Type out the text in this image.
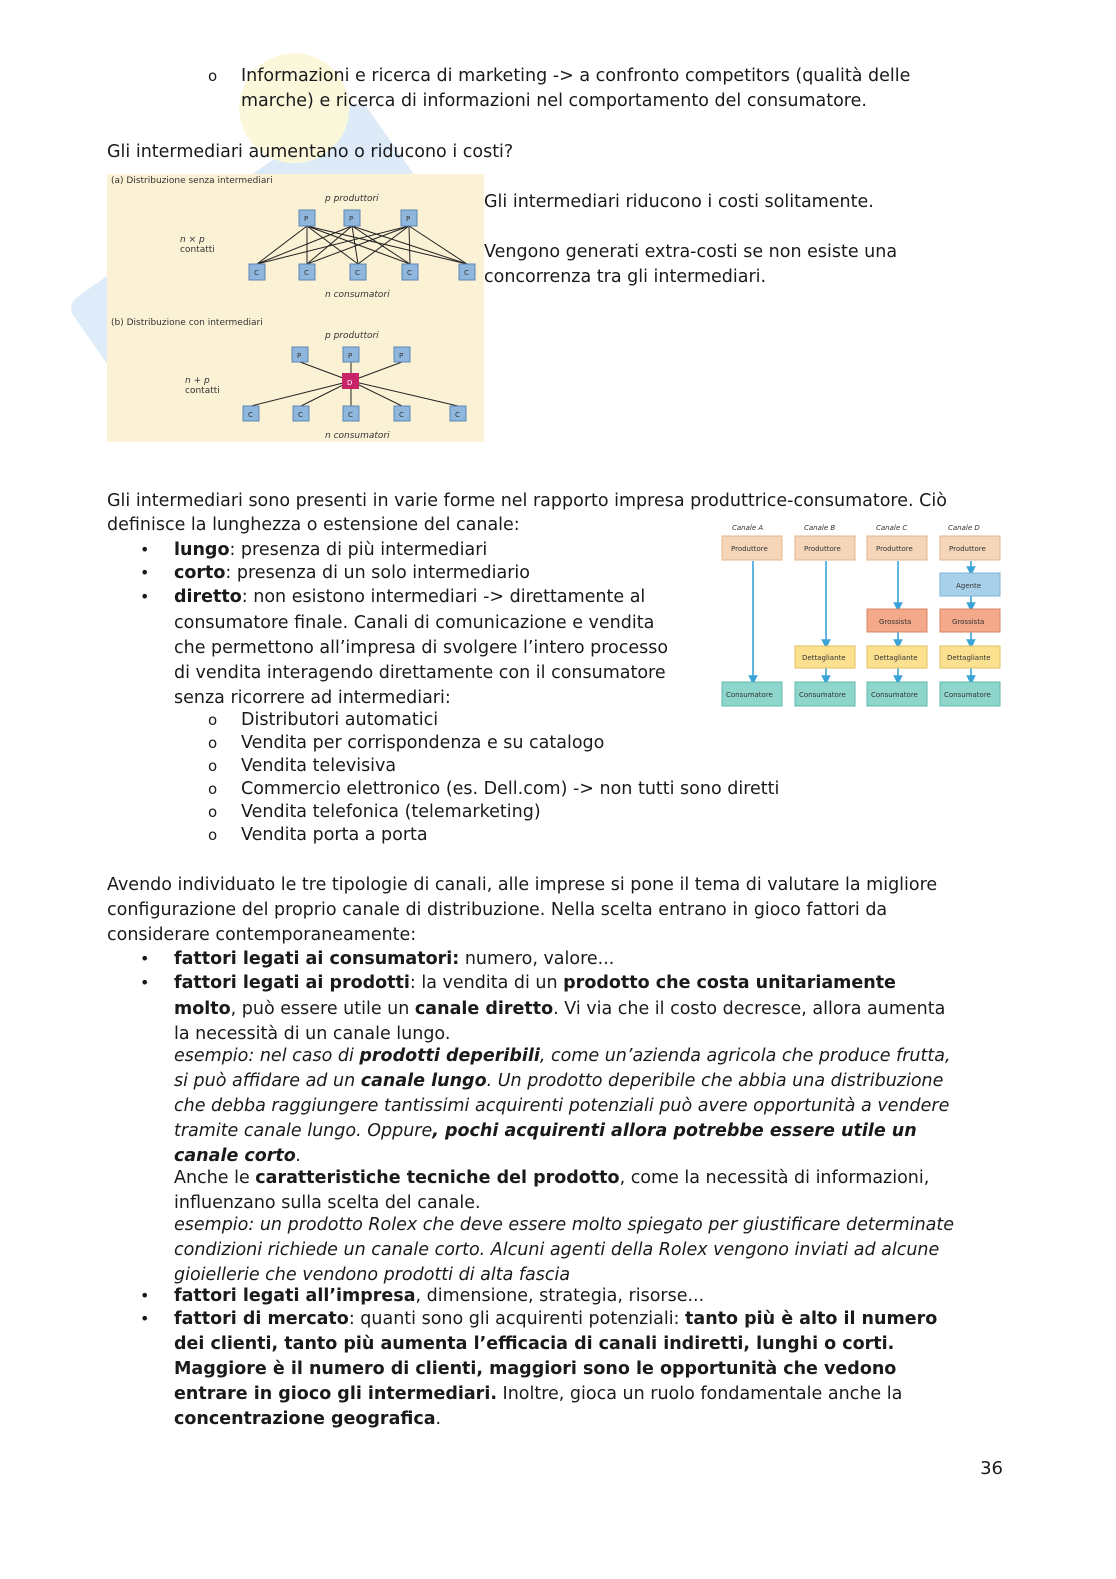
o	Informazioni e ricerca di marketing -> a confronto competitors (qualità delle
marche) e ricerca di informazioni nel comportamento del consumatore.
Gli intermediari aumentano o riducono i costi?
(a) Distribuzione senza intermediari
p produttori
n × p
contatti
P	P	P
C	C	C	C	C
n consumatori
(b) Distribuzione con intermediari
p produttori
n + p
contatti
P	P	P
D
C	C	C	C	C
n consumatori
Gli intermediari riducono i costi solitamente.
Vengono generati extra-costi se non esiste una
concorrenza tra gli intermediari.
Gli intermediari sono presenti in varie forme nel rapporto impresa produttrice-consumatore. Ciò
definisce la lunghezza o estensione del canale:
•	lungo: presenza di più intermediari
•	corto: presenza di un solo intermediario
•	diretto: non esistono intermediari -> direttamente al
consumatore finale. Canali di comunicazione e vendita
che permettono all’impresa di svolgere l’intero processo
di vendita interagendo direttamente con il consumatore
senza ricorrere ad intermediari:
o	Distributori automatici
o	Vendita per corrispondenza e su catalogo
o	Vendita televisiva
o	Commercio elettronico (es. Dell.com) -> non tutti sono diretti
o	Vendita telefonica (telemarketing)
o	Vendita porta a porta
Canale A	Canale B	Canale C	Canale D
Produttore	Produttore	Produttore	Produttore
Agente
Grossista	Grossista
Dettagliante	Dettagliante	Dettagliante
Consumatore	Consumatore	Consumatore	Consumatore
Avendo individuato le tre tipologie di canali, alle imprese si pone il tema di valutare la migliore
configurazione del proprio canale di distribuzione. Nella scelta entrano in gioco fattori da
considerare contemporaneamente:
•	fattori legati ai consumatori: numero, valore...
•	fattori legati ai prodotti: la vendita di un prodotto che costa unitariamente
molto, può essere utile un canale diretto. Vi via che il costo decresce, allora aumenta
la necessità di un canale lungo.
esempio: nel caso di prodotti deperibili, come un’azienda agricola che produce frutta,
si può affidare ad un canale lungo. Un prodotto deperibile che abbia una distribuzione
che debba raggiungere tantissimi acquirenti potenziali può avere opportunità a vendere
tramite canale lungo. Oppure, pochi acquirenti allora potrebbe essere utile un
canale corto.
Anche le caratteristiche tecniche del prodotto, come la necessità di informazioni,
influenzano sulla scelta del canale.
esempio: un prodotto Rolex che deve essere molto spiegato per giustificare determinate
condizioni richiede un canale corto. Alcuni agenti della Rolex vengono inviati ad alcune
gioiellerie che vendono prodotti di alta fascia
•	fattori legati all’impresa, dimensione, strategia, risorse...
•	fattori di mercato: quanti sono gli acquirenti potenziali: tanto più è alto il numero
dei clienti, tanto più aumenta l’efficacia di canali indiretti, lunghi o corti.
Maggiore è il numero di clienti, maggiori sono le opportunità che vedono
entrare in gioco gli intermediari. Inoltre, gioca un ruolo fondamentale anche la
concentrazione geografica.
36
